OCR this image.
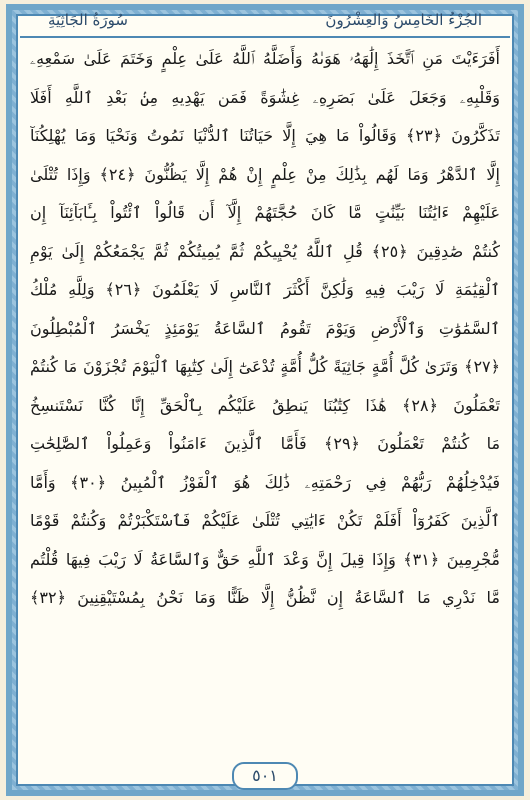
الجُزْءُ الخَامِسُ وَالعِشْرُونَ
سُورَةُ الجَاثِيَةِ
أَفَرَءَيْتَ مَنِ ٱتَّخَذَ إِلَٰهَهُۥ هَوَىٰهُ وَأَضَلَّهُ ٱللَّهُ عَلَىٰ عِلْمٍ وَخَتَمَ عَلَىٰ سَمْعِهِۦ
وَقَلْبِهِۦ وَجَعَلَ عَلَىٰ بَصَرِهِۦ غِشَٰوَةً فَمَن يَهْدِيهِ مِنۢ بَعْدِ ٱللَّهِ أَفَلَا
تَذَكَّرُونَ ﴿٢٣﴾ وَقَالُواْ مَا هِيَ إِلَّا حَيَاتُنَا ٱلدُّنْيَا نَمُوتُ وَنَحْيَا وَمَا يُهْلِكُنَآ
إِلَّا ٱلدَّهْرُ وَمَا لَهُم بِذَٰلِكَ مِنْ عِلْمٍ إِنْ هُمْ إِلَّا يَظُنُّونَ ﴿٢٤﴾ وَإِذَا تُتْلَىٰ
عَلَيْهِمْ ءَايَٰتُنَا بَيِّنَٰتٍ مَّا كَانَ حُجَّتَهُمْ إِلَّآ أَن قَالُواْ ٱئْتُواْ بِـَٔابَآئِنَآ إِن
كُنتُمْ صَٰدِقِينَ ﴿٢٥﴾ قُلِ ٱللَّهُ يُحْيِيكُمْ ثُمَّ يُمِيتُكُمْ ثُمَّ يَجْمَعُكُمْ إِلَىٰ يَوْمِ
ٱلْقِيَٰمَةِ لَا رَيْبَ فِيهِ وَلَٰكِنَّ أَكْثَرَ ٱلنَّاسِ لَا يَعْلَمُونَ ﴿٢٦﴾ وَلِلَّهِ مُلْكُ
ٱلسَّمَٰوَٰتِ وَٱلْأَرْضِ وَيَوْمَ تَقُومُ ٱلسَّاعَةُ يَوْمَئِذٍ يَخْسَرُ ٱلْمُبْطِلُونَ
﴿٢٧﴾ وَتَرَىٰ كُلَّ أُمَّةٍ جَاثِيَةً كُلُّ أُمَّةٍ تُدْعَىٰٓ إِلَىٰ كِتَٰبِهَا ٱلْيَوْمَ تُجْزَوْنَ مَا كُنتُمْ
تَعْمَلُونَ ﴿٢٨﴾ هَٰذَا كِتَٰبُنَا يَنطِقُ عَلَيْكُم بِٱلْحَقِّ إِنَّا كُنَّا نَسْتَنسِخُ
مَا كُنتُمْ تَعْمَلُونَ ﴿٢٩﴾ فَأَمَّا ٱلَّذِينَ ءَامَنُواْ وَعَمِلُواْ ٱلصَّٰلِحَٰتِ
فَيُدْخِلُهُمْ رَبُّهُمْ فِي رَحْمَتِهِۦ ذَٰلِكَ هُوَ ٱلْفَوْزُ ٱلْمُبِينُ ﴿٣٠﴾ وَأَمَّا
ٱلَّذِينَ كَفَرُوٓاْ أَفَلَمْ تَكُنْ ءَايَٰتِي تُتْلَىٰ عَلَيْكُمْ فَٱسْتَكْبَرْتُمْ وَكُنتُمْ قَوْمًا
مُّجْرِمِينَ ﴿٣١﴾ وَإِذَا قِيلَ إِنَّ وَعْدَ ٱللَّهِ حَقٌّ وَٱلسَّاعَةُ لَا رَيْبَ فِيهَا قُلْتُم
مَّا نَدْرِي مَا ٱلسَّاعَةُ إِن نَّظُنُّ إِلَّا ظَنًّا وَمَا نَحْنُ بِمُسْتَيْقِنِينَ ﴿٣٢﴾
٥٠١
